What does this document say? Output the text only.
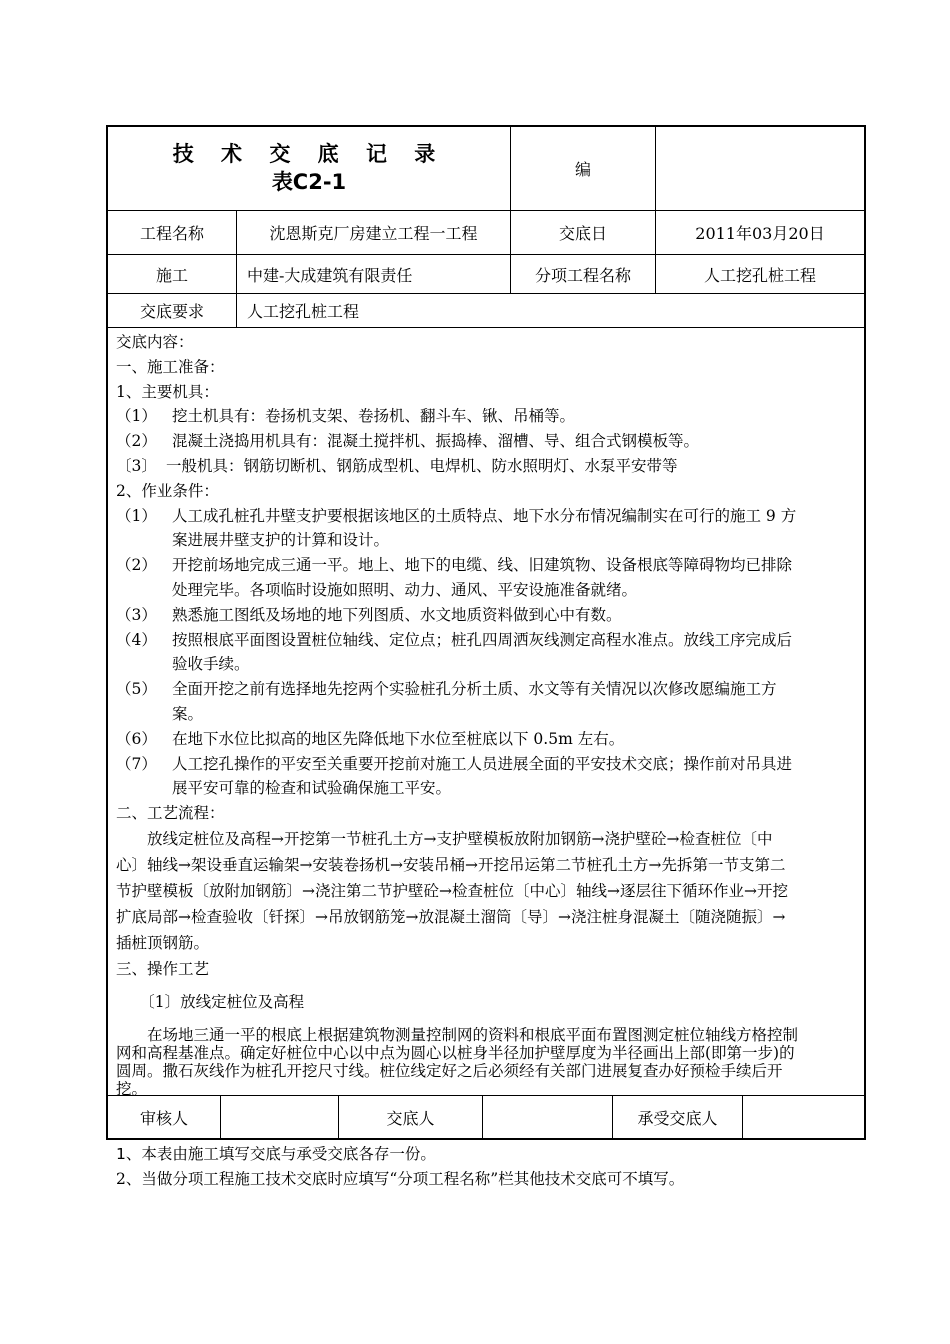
技 术 交 底 记 录
表C2-1
编
工程名称	沈恩斯克厂房建立工程一工程	交底日	2011年03月20日
施工	中建-大成建筑有限责任	分项工程名称	人工挖孔桩工程
交底要求	人工挖孔桩工程
交底内容：
一、施工准备：
1、主要机具：
（1） 挖土机具有：卷扬机支架、卷扬机、翻斗车、锹、吊桶等。
（2） 混凝土浇捣用机具有：混凝土搅拌机、振捣棒、溜槽、导、组合式钢模板等。
〔3〕 一般机具：钢筋切断机、钢筋成型机、电焊机、防水照明灯、水泵平安带等
2、作业条件：
（1） 人工成孔桩孔井壁支护要根据该地区的土质特点、地下水分布情况编制实在可行的施工 9 方
案进展井壁支护的计算和设计。
（2） 开挖前场地完成三通一平。地上、地下的电缆、线、旧建筑物、设备根底等障碍物均已排除
处理完毕。各项临时设施如照明、动力、通风、平安设施准备就绪。
（3） 熟悉施工图纸及场地的地下列图质、水文地质资料做到心中有数。
（4） 按照根底平面图设置桩位轴线、定位点；桩孔四周洒灰线测定高程水准点。放线工序完成后
验收手续。
（5） 全面开挖之前有选择地先挖两个实验桩孔分析土质、水文等有关情况以次修改愿编施工方
案。
（6） 在地下水位比拟高的地区先降低地下水位至桩底以下 0.5m 左右。
（7） 人工挖孔操作的平安至关重要开挖前对施工人员进展全面的平安技术交底；操作前对吊具进
展平安可靠的检查和试验确保施工平安。
二、工艺流程：
　　放线定桩位及高程→开挖第一节桩孔土方→支护壁模板放附加钢筋→浇护壁砼→检查桩位〔中
心〕轴线→架设垂直运输架→安装卷扬机→安装吊桶→开挖吊运第二节桩孔土方→先拆第一节支第二
节护壁模板〔放附加钢筋〕→浇注第二节护壁砼→检查桩位〔中心〕轴线→逐层往下循环作业→开挖
扩底局部→检查验收〔钎探〕→吊放钢筋笼→放混凝土溜筒〔导〕→浇注桩身混凝土〔随浇随振〕→
插桩顶钢筋。
三、操作工艺
　　〔1〕放线定桩位及高程
　　在场地三通一平的根底上根据建筑物测量控制网的资料和根底平面布置图测定桩位轴线方格控制
网和高程基准点。确定好桩位中心以中点为圆心以桩身半径加护壁厚度为半径画出上部(即第一步)的
圆周。撒石灰线作为桩孔开挖尺寸线。桩位线定好之后必须经有关部门进展复查办好预检手续后开
挖。
审核人	交底人	承受交底人
1、本表由施工填写交底与承受交底各存一份。
2、当做分项工程施工技术交底时应填写“分项工程名称”栏其他技术交底可不填写。
